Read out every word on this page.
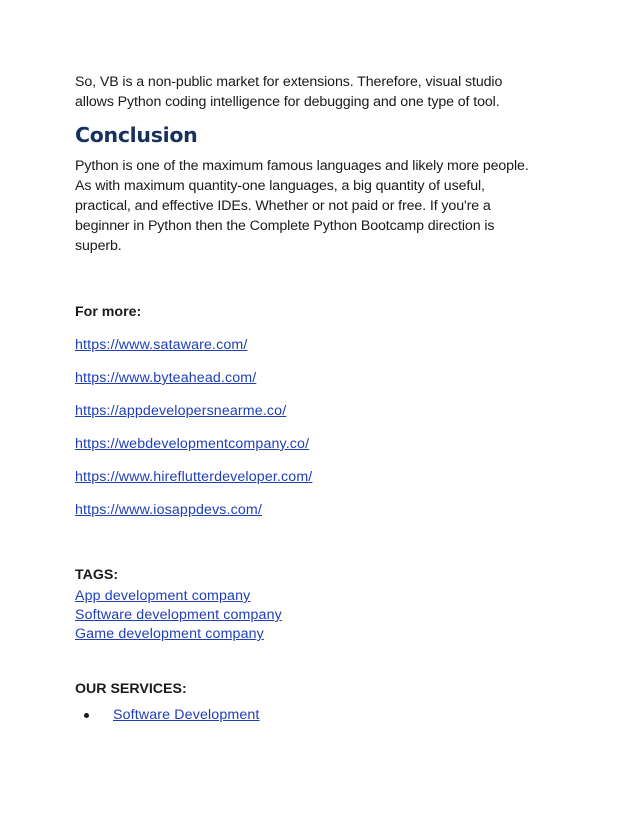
So, VB is a non-public market for extensions. Therefore, visual studio
allows Python coding intelligence for debugging and one type of tool.

Conclusion

Python is one of the maximum famous languages and likely more people.
As with maximum quantity-one languages, a big quantity of useful,
practical, and effective IDEs. Whether or not paid or free. If you're a
beginner in Python then the Complete Python Bootcamp direction is
superb.

For more:

https://www.sataware.com/
https://www.byteahead.com/
https://appdevelopersnearme.co/
https://webdevelopmentcompany.co/
https://www.hireflutterdeveloper.com/
https://www.iosappdevs.com/

TAGS:

App development company
Software development company
Game development company

OUR SERVICES:

Software Development
